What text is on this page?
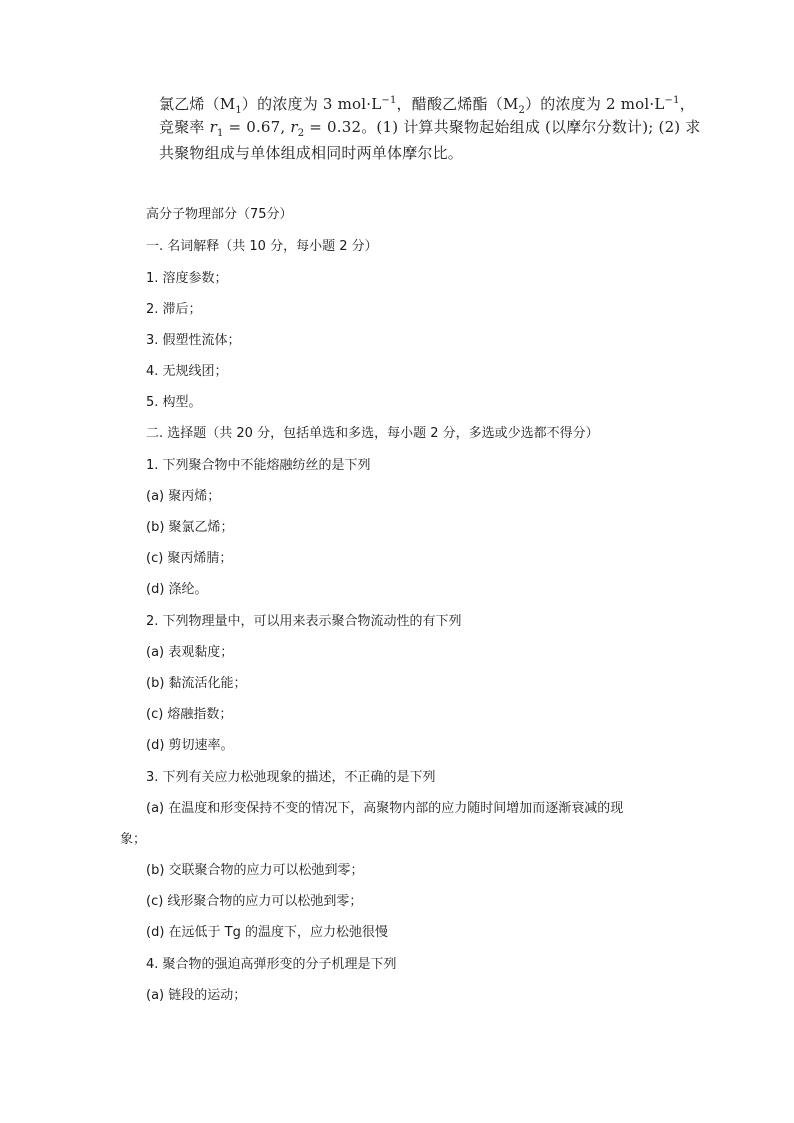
氯乙烯$(M_1)$的浓度为 3 $mol\cdot L^{-1}$，醋酸乙烯酯$(M_2)$的浓度为 2 $mol\cdot L^{-1}$，
竞聚率 $r_1 = 0.67$, $r_2 = 0.32$。(1) 计算共聚物起始组成 (以摩尔分数计); (2) 求
共聚物组成与单体组成相同时两单体摩尔比。
高分子物理部分（75分）
一. 名词解释（共 10 分，每小题 2 分）
1. 溶度参数；
2. 滞后；
3. 假塑性流体；
4. 无规线团；
5. 构型。
二. 选择题（共 20 分，包括单选和多选，每小题 2 分，多选或少选都不得分）
1. 下列聚合物中不能熔融纺丝的是下列
(a) 聚丙烯；
(b) 聚氯乙烯；
(c) 聚丙烯腈；
(d) 涤纶。
2. 下列物理量中，可以用来表示聚合物流动性的有下列
(a) 表观黏度；
(b) 黏流活化能；
(c) 熔融指数；
(d) 剪切速率。
3. 下列有关应力松弛现象的描述，不正确的是下列
(a) 在温度和形变保持不变的情况下，高聚物内部的应力随时间增加而逐渐衰减的现
象；
(b) 交联聚合物的应力可以松弛到零；
(c) 线形聚合物的应力可以松弛到零；
(d) 在远低于 Tg 的温度下，应力松弛很慢
4. 聚合物的强迫高弹形变的分子机理是下列
(a) 链段的运动；
